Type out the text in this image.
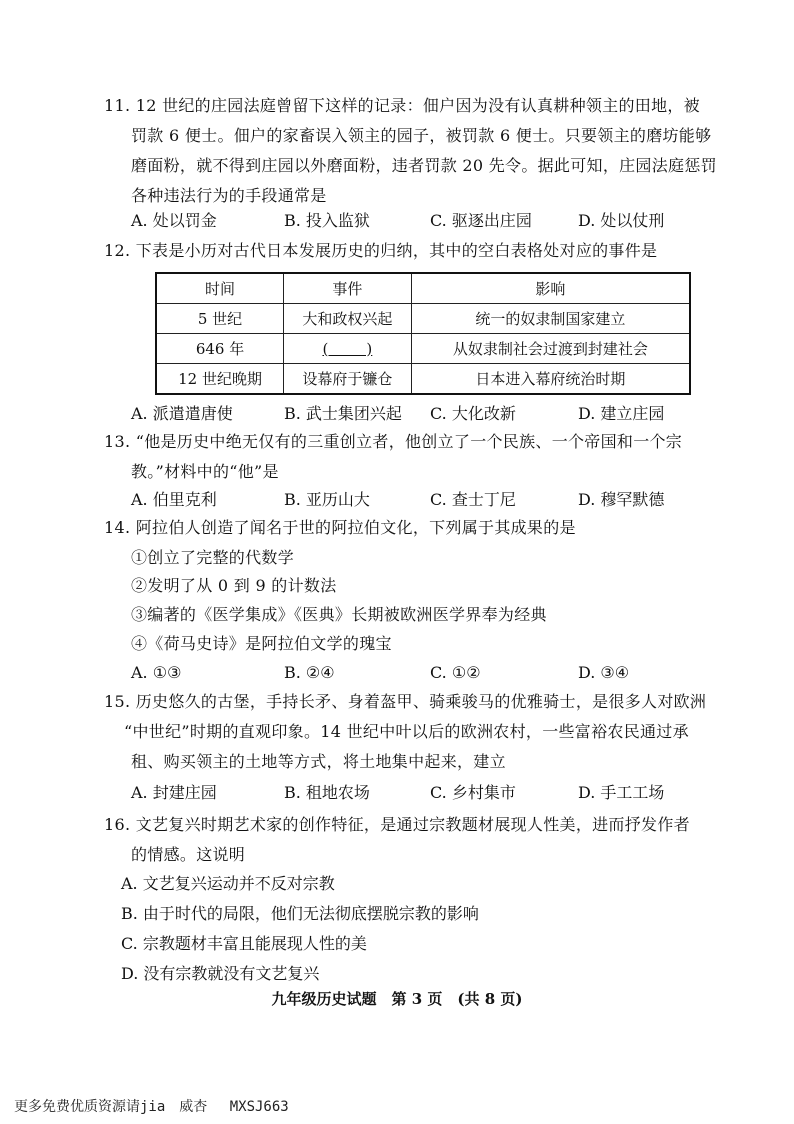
11. 12 世纪的庄园法庭曾留下这样的记录：佃户因为没有认真耕种领主的田地，被
罚款 6 便士。佃户的家畜误入领主的园子，被罚款 6 便士。只要领主的磨坊能够
磨面粉，就不得到庄园以外磨面粉，违者罚款 20 先令。据此可知，庄园法庭惩罚
各种违法行为的手段通常是
A. 处以罚金	B. 投入监狱	C. 驱逐出庄园	D. 处以仗刑
12. 下表是小历对古代日本发展历史的归纳，其中的空白表格处对应的事件是
时间	事件	影响
5 世纪	大和政权兴起	统一的奴隶制国家建立
646 年	(        )	从奴隶制社会过渡到封建社会
12 世纪晚期	设幕府于镰仓	日本进入幕府统治时期
A. 派遣遣唐使	B. 武士集团兴起 C. 大化改新	D. 建立庄园
13. “他是历史中绝无仅有的三重创立者，他创立了一个民族、一个帝国和一个宗
教。”材料中的“他”是
A. 伯里克利	B. 亚历山大	C. 查士丁尼	D. 穆罕默德
14. 阿拉伯人创造了闻名于世的阿拉伯文化，下列属于其成果的是
①创立了完整的代数学
②发明了从 0 到 9 的计数法
③编著的《医学集成》《医典》长期被欧洲医学界奉为经典
④《荷马史诗》是阿拉伯文学的瑰宝
A. ①③	B. ②④	C. ①②	D. ③④
15. 历史悠久的古堡，手持长矛、身着盔甲、骑乘骏马的优雅骑士，是很多人对欧洲
“中世纪”时期的直观印象。14 世纪中叶以后的欧洲农村，一些富裕农民通过承
租、购买领主的土地等方式，将土地集中起来，建立
A. 封建庄园	B. 租地农场	C. 乡村集市	D. 手工工场
16. 文艺复兴时期艺术家的创作特征，是通过宗教题材展现人性美，进而抒发作者
的情感。这说明
A. 文艺复兴运动并不反对宗教
B. 由于时代的局限，他们无法彻底摆脱宗教的影响
C. 宗教题材丰富且能展现人性的美
D. 没有宗教就没有文艺复兴
九年级历史试题　第 3 页　(共 8 页)
更多免费优质资源请jia　威杏　 MXSJ663
